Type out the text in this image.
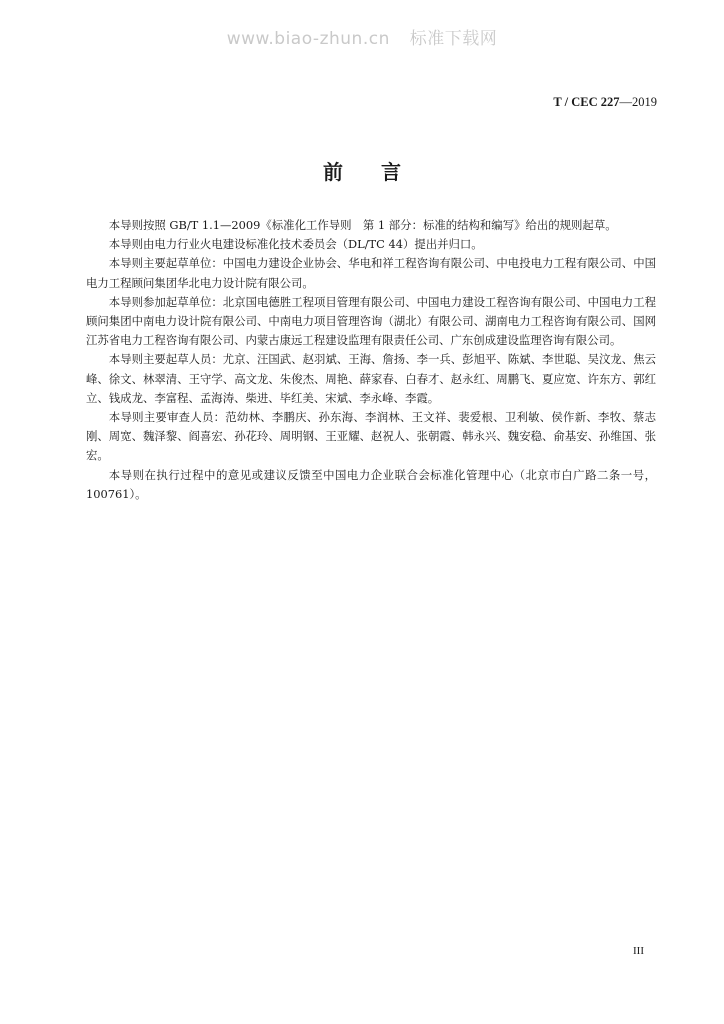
www.biao-zhun.cn 标准下载网
T / CEC 227—2019
前言

本导则按照 GB/T 1.1—2009《标准化工作导则　第 1 部分：标准的结构和编写》给出的规则起草。

本导则由电力行业火电建设标准化技术委员会（DL/TC 44）提出并归口。

本导则主要起草单位：中国电力建设企业协会、华电和祥工程咨询有限公司、中电投电力工程有限公司、中国电力工程顾问集团华北电力设计院有限公司。

本导则参加起草单位：北京国电德胜工程项目管理有限公司、中国电力建设工程咨询有限公司、中国电力工程顾问集团中南电力设计院有限公司、中南电力项目管理咨询（湖北）有限公司、湖南电力工程咨询有限公司、国网江苏省电力工程咨询有限公司、内蒙古康远工程建设监理有限责任公司、广东创成建设监理咨询有限公司。

本导则主要起草人员：尤京、汪国武、赵羽斌、王海、詹扬、李一兵、彭旭平、陈斌、李世聪、吴汶龙、焦云峰、徐文、林翠清、王守学、高文龙、朱俊杰、周艳、薛家春、白春才、赵永红、周鹏飞、夏应宽、许东方、郭红立、钱成龙、李富程、孟海涛、柴进、毕红美、宋斌、李永峰、李霞。

本导则主要审查人员：范幼林、李鹏庆、孙东海、李润林、王文祥、裴爱根、卫利敏、侯作新、李牧、蔡志刚、周宽、魏泽黎、阎喜宏、孙花玲、周明钢、王亚耀、赵祝人、张朝霞、韩永兴、魏安稳、俞基安、孙维国、张宏。

本导则在执行过程中的意见或建议反馈至中国电力企业联合会标准化管理中心（北京市白广路二条一号，100761）。

III
